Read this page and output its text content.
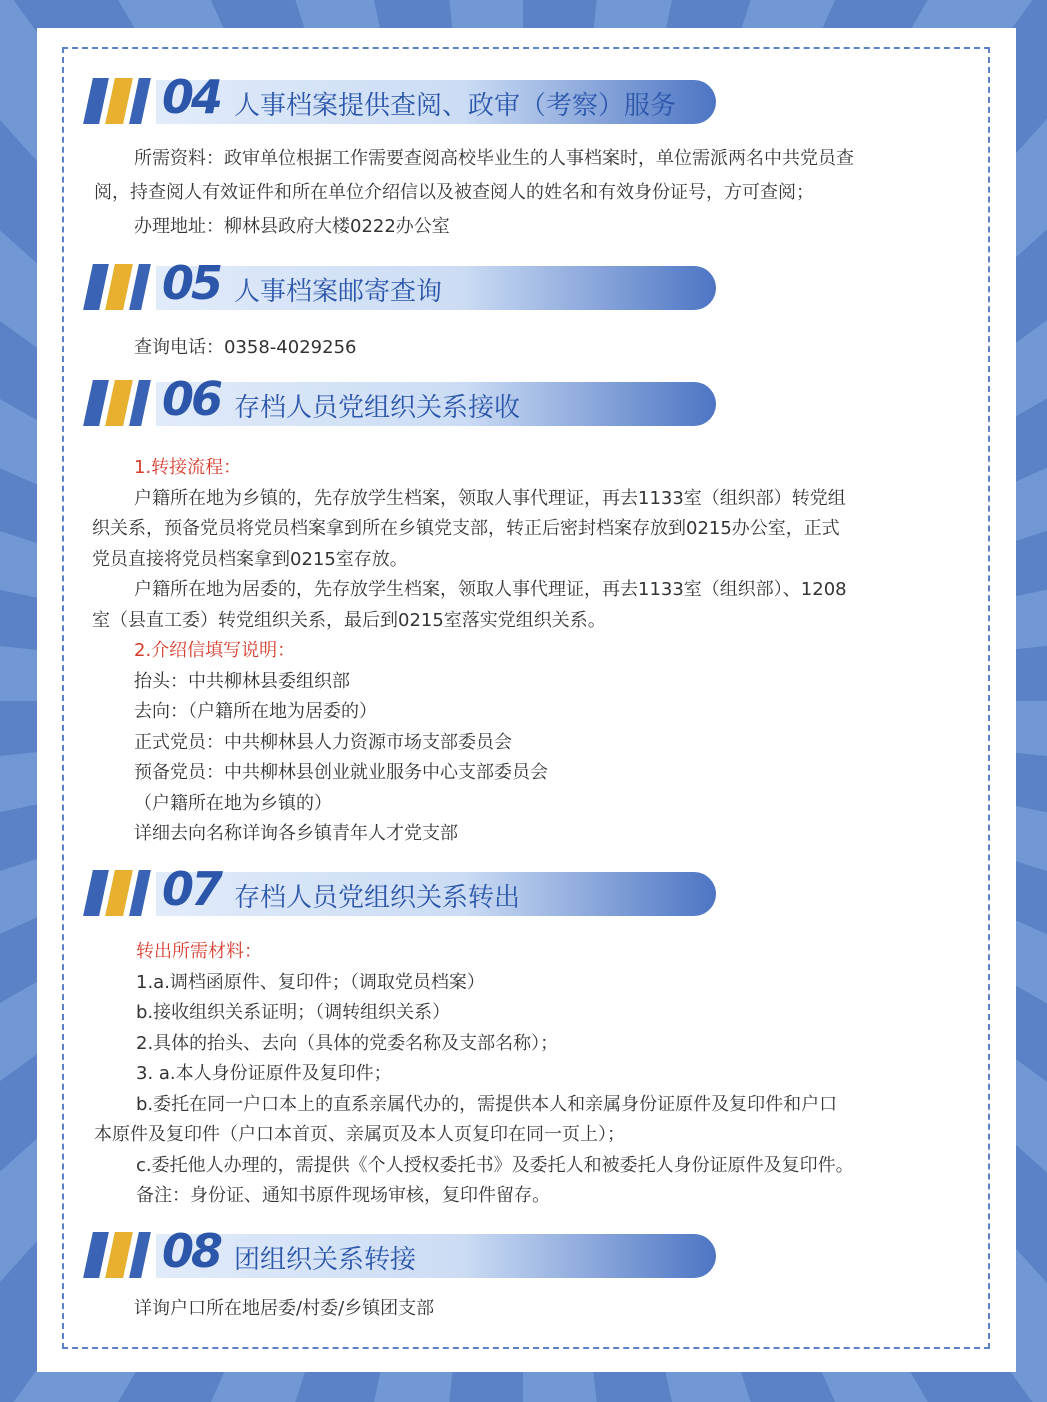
04 人事档案提供查阅、政审（考察）服务
所需资料：政审单位根据工作需要查阅高校毕业生的人事档案时，单位需派两名中共党员查
阅，持查阅人有效证件和所在单位介绍信以及被查阅人的姓名和有效身份证号，方可查阅；
办理地址：柳林县政府大楼0222办公室
05 人事档案邮寄查询
查询电话：0358-4029256
06 存档人员党组织关系接收
1.转接流程：
户籍所在地为乡镇的，先存放学生档案，领取人事代理证，再去1133室（组织部）转党组
织关系，预备党员将党员档案拿到所在乡镇党支部，转正后密封档案存放到0215办公室，正式
党员直接将党员档案拿到0215室存放。
户籍所在地为居委的，先存放学生档案，领取人事代理证，再去1133室（组织部）、1208
室（县直工委）转党组织关系，最后到0215室落实党组织关系。
2.介绍信填写说明：
抬头：中共柳林县委组织部
去向：（户籍所在地为居委的）
正式党员：中共柳林县人力资源市场支部委员会
预备党员：中共柳林县创业就业服务中心支部委员会
（户籍所在地为乡镇的）
详细去向名称详询各乡镇青年人才党支部
07 存档人员党组织关系转出
转出所需材料：
1.a.调档函原件、复印件；（调取党员档案）
b.接收组织关系证明；（调转组织关系）
2.具体的抬头、去向（具体的党委名称及支部名称）；
3. a.本人身份证原件及复印件；
b.委托在同一户口本上的直系亲属代办的，需提供本人和亲属身份证原件及复印件和户口
本原件及复印件（户口本首页、亲属页及本人页复印在同一页上）；
c.委托他人办理的，需提供《个人授权委托书》及委托人和被委托人身份证原件及复印件。
备注：身份证、通知书原件现场审核，复印件留存。
08 团组织关系转接
详询户口所在地居委/村委/乡镇团支部
